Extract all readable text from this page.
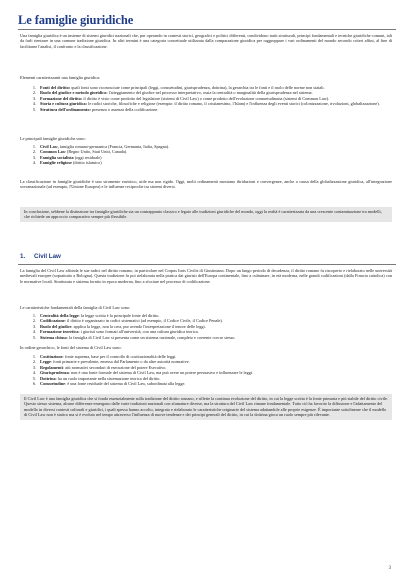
Le famiglie giuridiche

Una famiglia giuridica è un insieme di sistemi giuridici nazionali che, pur operando in contesti storici, geografici e politici differenti, condividono tratti strutturali, principi fondamentali e tecniche giuridiche comuni, tali da farli rientrare in una comune tradizione giuridica. In altri termini è una categoria concettuale utilizzata dalla comparazione giuridica per raggruppare i vari ordinamenti del mondo secondo criteri affini, al fine di facilitarne l'analisi, il confronto e la classificazione.

Elementi caratterizzanti una famiglia giuridica:

1. Fonti del diritto: quali fonti sono riconosciute come principali (leggi, consuetudini, giurisprudenza, dottrina), la gerarchia tra le fonti e il ruolo delle norme non statali.
2. Ruolo del giudice e metodo giuridico: l'atteggiamento del giudice nel processo interpretativo, ossia la centralità o marginalità della giurisprudenza nel sistema.
3. Formazione del diritto: il diritto è visto come prodotto del legislatore (sistemi di Civil Law) o come prodotto dell'evoluzione consuetudinaria (sistemi di Common Law).
4. Storia e cultura giuridica: le radici storiche, filosofiche e religiose (esempio: il diritto romano, il cristianesimo, l'Islam) e l'influenza degli eventi storici (colonizzazione, rivoluzioni, globalizzazione).
5. Struttura dell'ordinamento: presenza o assenza della codificazione.

Le principali famiglie giuridiche sono:

1. Civil Law, famiglia romano-germanica (Francia, Germania, Italia, Spagna).
2. Common Law (Regno Unito, Stati Uniti, Canada).
3. Famiglia socialista (oggi residuale)
4. Famiglie religiose (diritto islamico)

La classificazione in famiglie giuridiche è uno strumento euristico, utile ma non rigido. Oggi, molti ordinamenti mostrano ibridazioni e convergenze, anche a causa della globalizzazione giuridica, all'integrazione sovranazionale (ad esempio, l'Unione Europea) e le influenze reciproche tra sistemi diversi.

In conclusione, sebbene la distinzione tra famiglie giuridiche sia un contrappunto classico e legato alle tradizioni giuridiche del mondo, oggi la realtà è caratterizzata da una crescente contaminazione tra modelli, che richiede un approccio comparativo sempre più flessibile.
1. Civil Law

La famiglia del Civil Law affonda le sue radici nel diritto romano, in particolare nel Corpus Iuris Civilis di Giustiniano. Dopo un lungo periodo di decadenza, il diritto romano fu riscoperto e rielaborato nelle università medievali europee (soprattutto a Bologna). Questa tradizione fu poi rielaborata nella pratica dai giuristi dell'Europa continentale, fino a culminare, in età moderna, nelle grandi codificazioni (dalla Francia cattolica) con le normative locali. Strutturata e sistema fornito in epoca moderna, fino a sfociare nel processo di codificazione.

Le caratteristiche fondamentali della famiglia di Civil Law sono:

1. Centralità della legge: la legge scritta è la principale fonte del diritto.
2. Codificazione: il diritto è organizzato in codici sistematici (ad esempio, il Codice Civile, il Codice Penale).
3. Ruolo del giudice: applica la legge, non la crea, pur avendo l'interpretazione il tenore delle leggi.
4. Formazione teoretica: i giuristi sono formati all'università, con una cultura giuridica teorica.
5. Sistema chiuso: la famiglia di Civil Law si presenta come un sistema razionale, completo e coerente con se stesso.

In ordine gerarchico, le fonti del sistema di Civil Law sono:

1. Costituzione: fonte suprema, base per il controllo di costituzionalità delle leggi.
2. Legge: fonti primarie e prevalente, emessa dal Parlamento o da altre autorità normative.
3. Regolamenti: atti normativi secondari di esecuzione del potere Esecutivo.
4. Giurisprudenza: non è una fonte formale del sistema di Civil Law, ma può avere un potere persuasivo e influenzare le leggi.
5. Dottrina: ha un ruolo importante nella sistemazione teorica del diritto.
6. Consuetudine: è una fonte residuale del sistema di Civil Law, subordinata alla legge.
Il Civil Law è una famiglia giuridica che si fonda essenzialmente sulla tradizione del diritto romano, e riflette la continua evoluzione del diritto, in cui la legge scritta è la fonte primaria e più stabile del diritto civile. Questo stesso sistema, alcune differenze emergono dalle varie tradizioni nazionali con sfumature diverse, ma la struttura del Civil Law rimane fondamentale. Tutto ciò ha favorito la diffusione e l'adattamento del modello in diversi contesti culturali e giuridici, i quali spesso hanno accolto, integrato e rielaborato le caratteristiche originarie del sistema adattandole alle proprie esigenze. È importante sottolineare che il modello di Civil Law non è statico ma si è evoluto nel tempo attraverso l'influenza di nuove tendenze e dei principi generali del diritto, in cui la dottrina gioca un ruolo sempre più rilevante.
3
